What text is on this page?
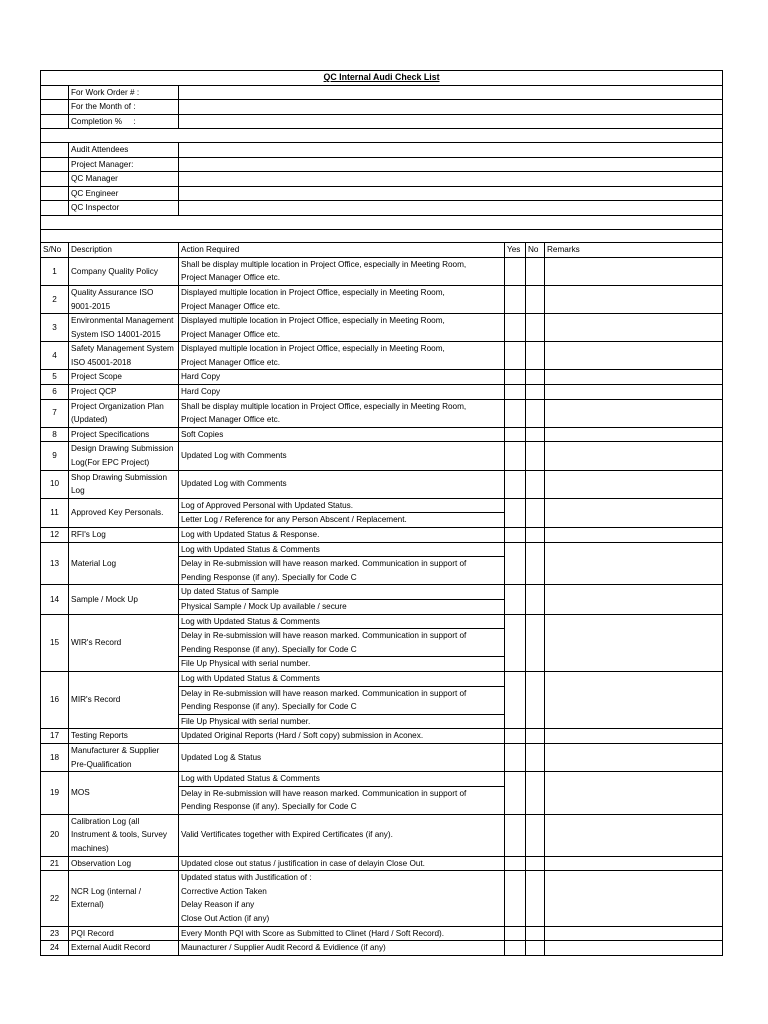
QC Internal Audi Check List					
	For Work Order # :				
	For the Month of :				
	Completion %     :				

	Audit Attendees				
	Project Manager:				
	QC Manager				
	QC Engineer				
	QC Inspector				

S/No	Description	Action Required	Yes	No	Remarks
1	Company Quality Policy	Shall be display multiple location in Project Office, especially in Meeting Room,
Project Manager Office etc.			

2	Quality Assurance ISO 9001-2015	Displayed multiple location in Project Office, especially in Meeting Room,
Project Manager Office etc.			

3	Environmental Management System ISO 14001-2015	Displayed multiple location in Project Office, especially in Meeting Room,
Project Manager Office etc.			

4	Safety Management System ISO 45001-2018	Displayed multiple location in Project Office, especially in Meeting Room,
Project Manager Office etc.			

5	Project Scope	Hard Copy			

6	Project QCP	Hard Copy			

7	Project Organization Plan (Updated)	Shall be display multiple location in Project Office, especially in Meeting Room,
Project Manager Office etc.			

8	Project Specifications	Soft Copies			

9	Design Drawing Submission Log(For EPC Project)	Updated Log with Comments			

10	Shop Drawing Submission Log	Updated Log with Comments			

11	Approved Key Personals.	Log of Approved Personal with Updated Status.			

		Letter Log / Reference for any Person Abscent / Replacement.			

12	RFI's Log	Log with Updated Status & Response.			

13	Material Log	Log with Updated Status & Comments			

		Delay in Re-submission will have reason marked. Communication in support of
Pending Response (if any). Specially for Code C			

14	Sample / Mock Up	Up dated Status of Sample			

		Physical Sample / Mock Up available / secure			

15	WIR's Record	Log with Updated Status & Comments			

		Delay in Re-submission will have reason marked. Communication in support of
Pending Response (if any). Specially for Code C			

		File Up Physical with serial number.			

16	MIR's Record	Log with Updated Status & Comments			

		Delay in Re-submission will have reason marked. Communication in support of
Pending Response (if any). Specially for Code C			

		File Up Physical with serial number.			

17	Testing Reports	Updated Original Reports (Hard / Soft copy) submission in Aconex.			

18	Manufacturer & Supplier Pre-Qualification	Updated Log & Status			

19	MOS	Log with Updated Status & Comments			

		Delay in Re-submission will have reason marked. Communication in support of
Pending Response (if any). Specially for Code C			

20	Calibration Log (all Instrument & tools, Survey machines)	Valid Vertificates together with Expired Certificates (if any).			

21	Observation Log	Updated close out status / justification in case of delayin Close Out.			

22	NCR Log (internal / External)	Updated status with Justification of :
Corrective Action Taken
Delay Reason if any
Close Out Action (if any)			

23	PQI Record	Every Month PQI with Score as Submitted to Clinet (Hard / Soft Record).			

24	External Audit Record	Maunacturer / Supplier Audit Record & Evidience (if any)			
